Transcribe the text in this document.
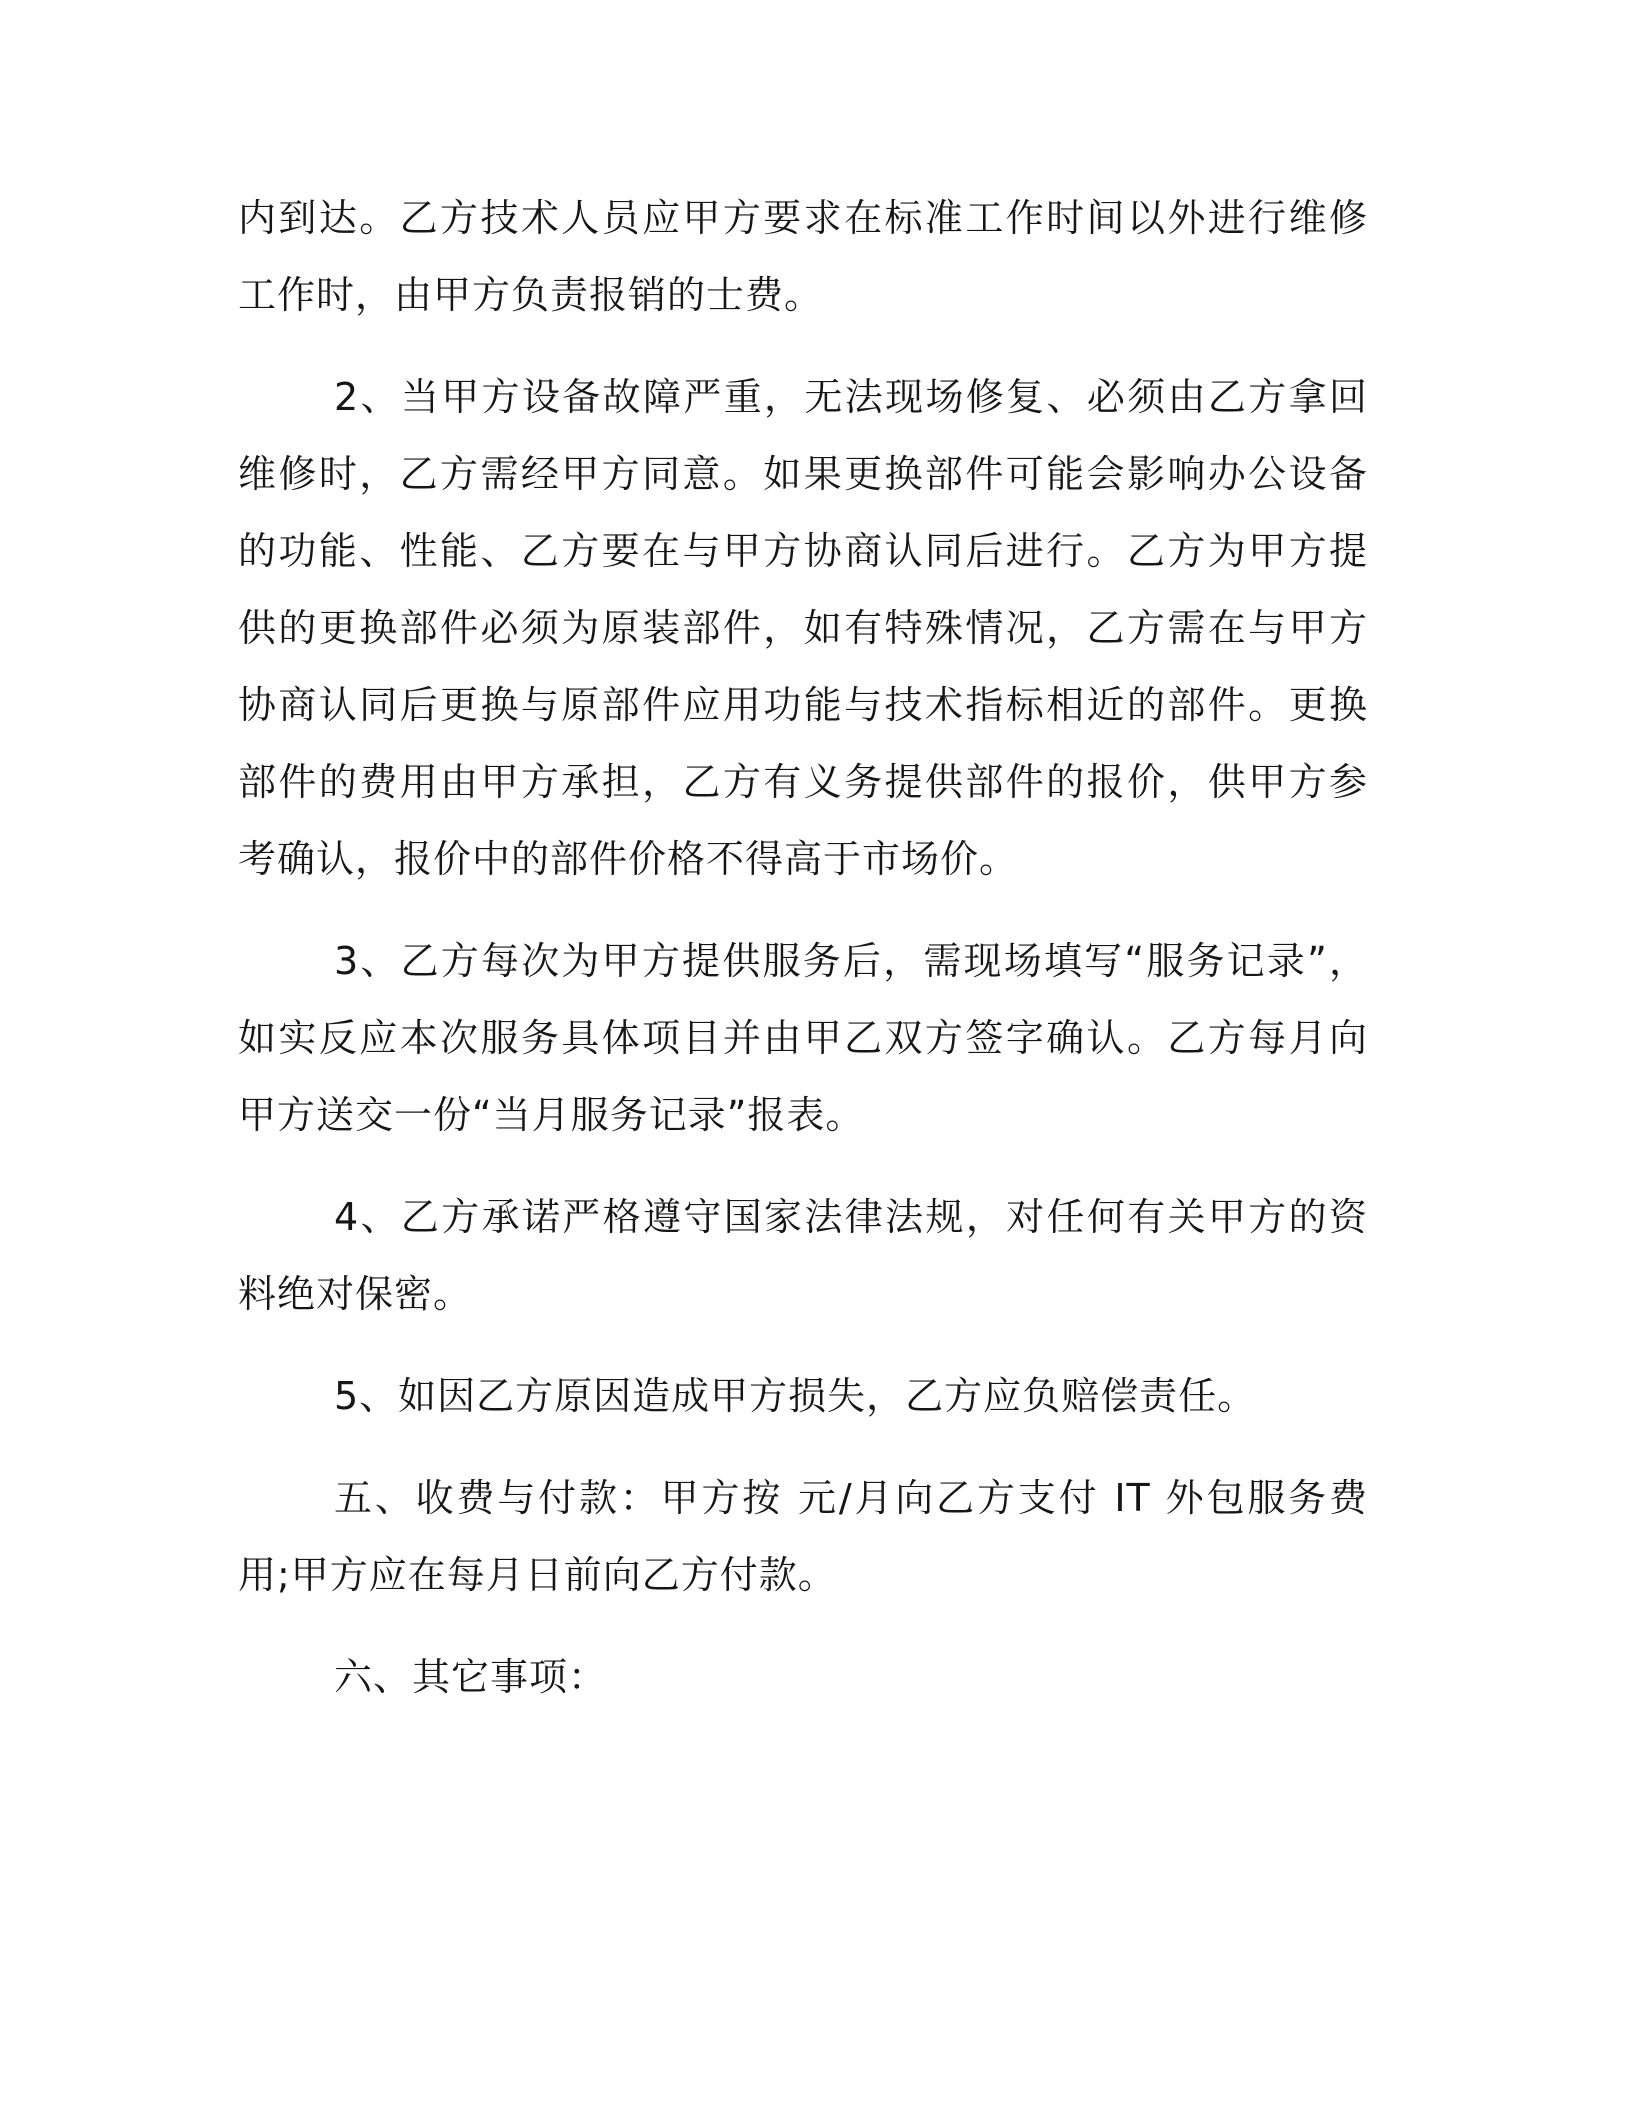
内到达。乙方技术人员应甲方要求在标准工作时间以外进行维修工作时，由甲方负责报销的士费。

2、当甲方设备故障严重，无法现场修复、必须由乙方拿回维修时，乙方需经甲方同意。如果更换部件可能会影响办公设备的功能、性能、乙方要在与甲方协商认同后进行。乙方为甲方提供的更换部件必须为原装部件，如有特殊情况，乙方需在与甲方协商认同后更换与原部件应用功能与技术指标相近的部件。更换部件的费用由甲方承担，乙方有义务提供部件的报价，供甲方参考确认，报价中的部件价格不得高于市场价。

3、乙方每次为甲方提供服务后，需现场填写“服务记录”，如实反应本次服务具体项目并由甲乙双方签字确认。乙方每月向甲方送交一份“当月服务记录”报表。

4、乙方承诺严格遵守国家法律法规，对任何有关甲方的资料绝对保密。

5、如因乙方原因造成甲方损失，乙方应负赔偿责任。

五、收费与付款：甲方按 元/月向乙方支付 IT 外包服务费用;甲方应在每月日前向乙方付款。

六、其它事项：
